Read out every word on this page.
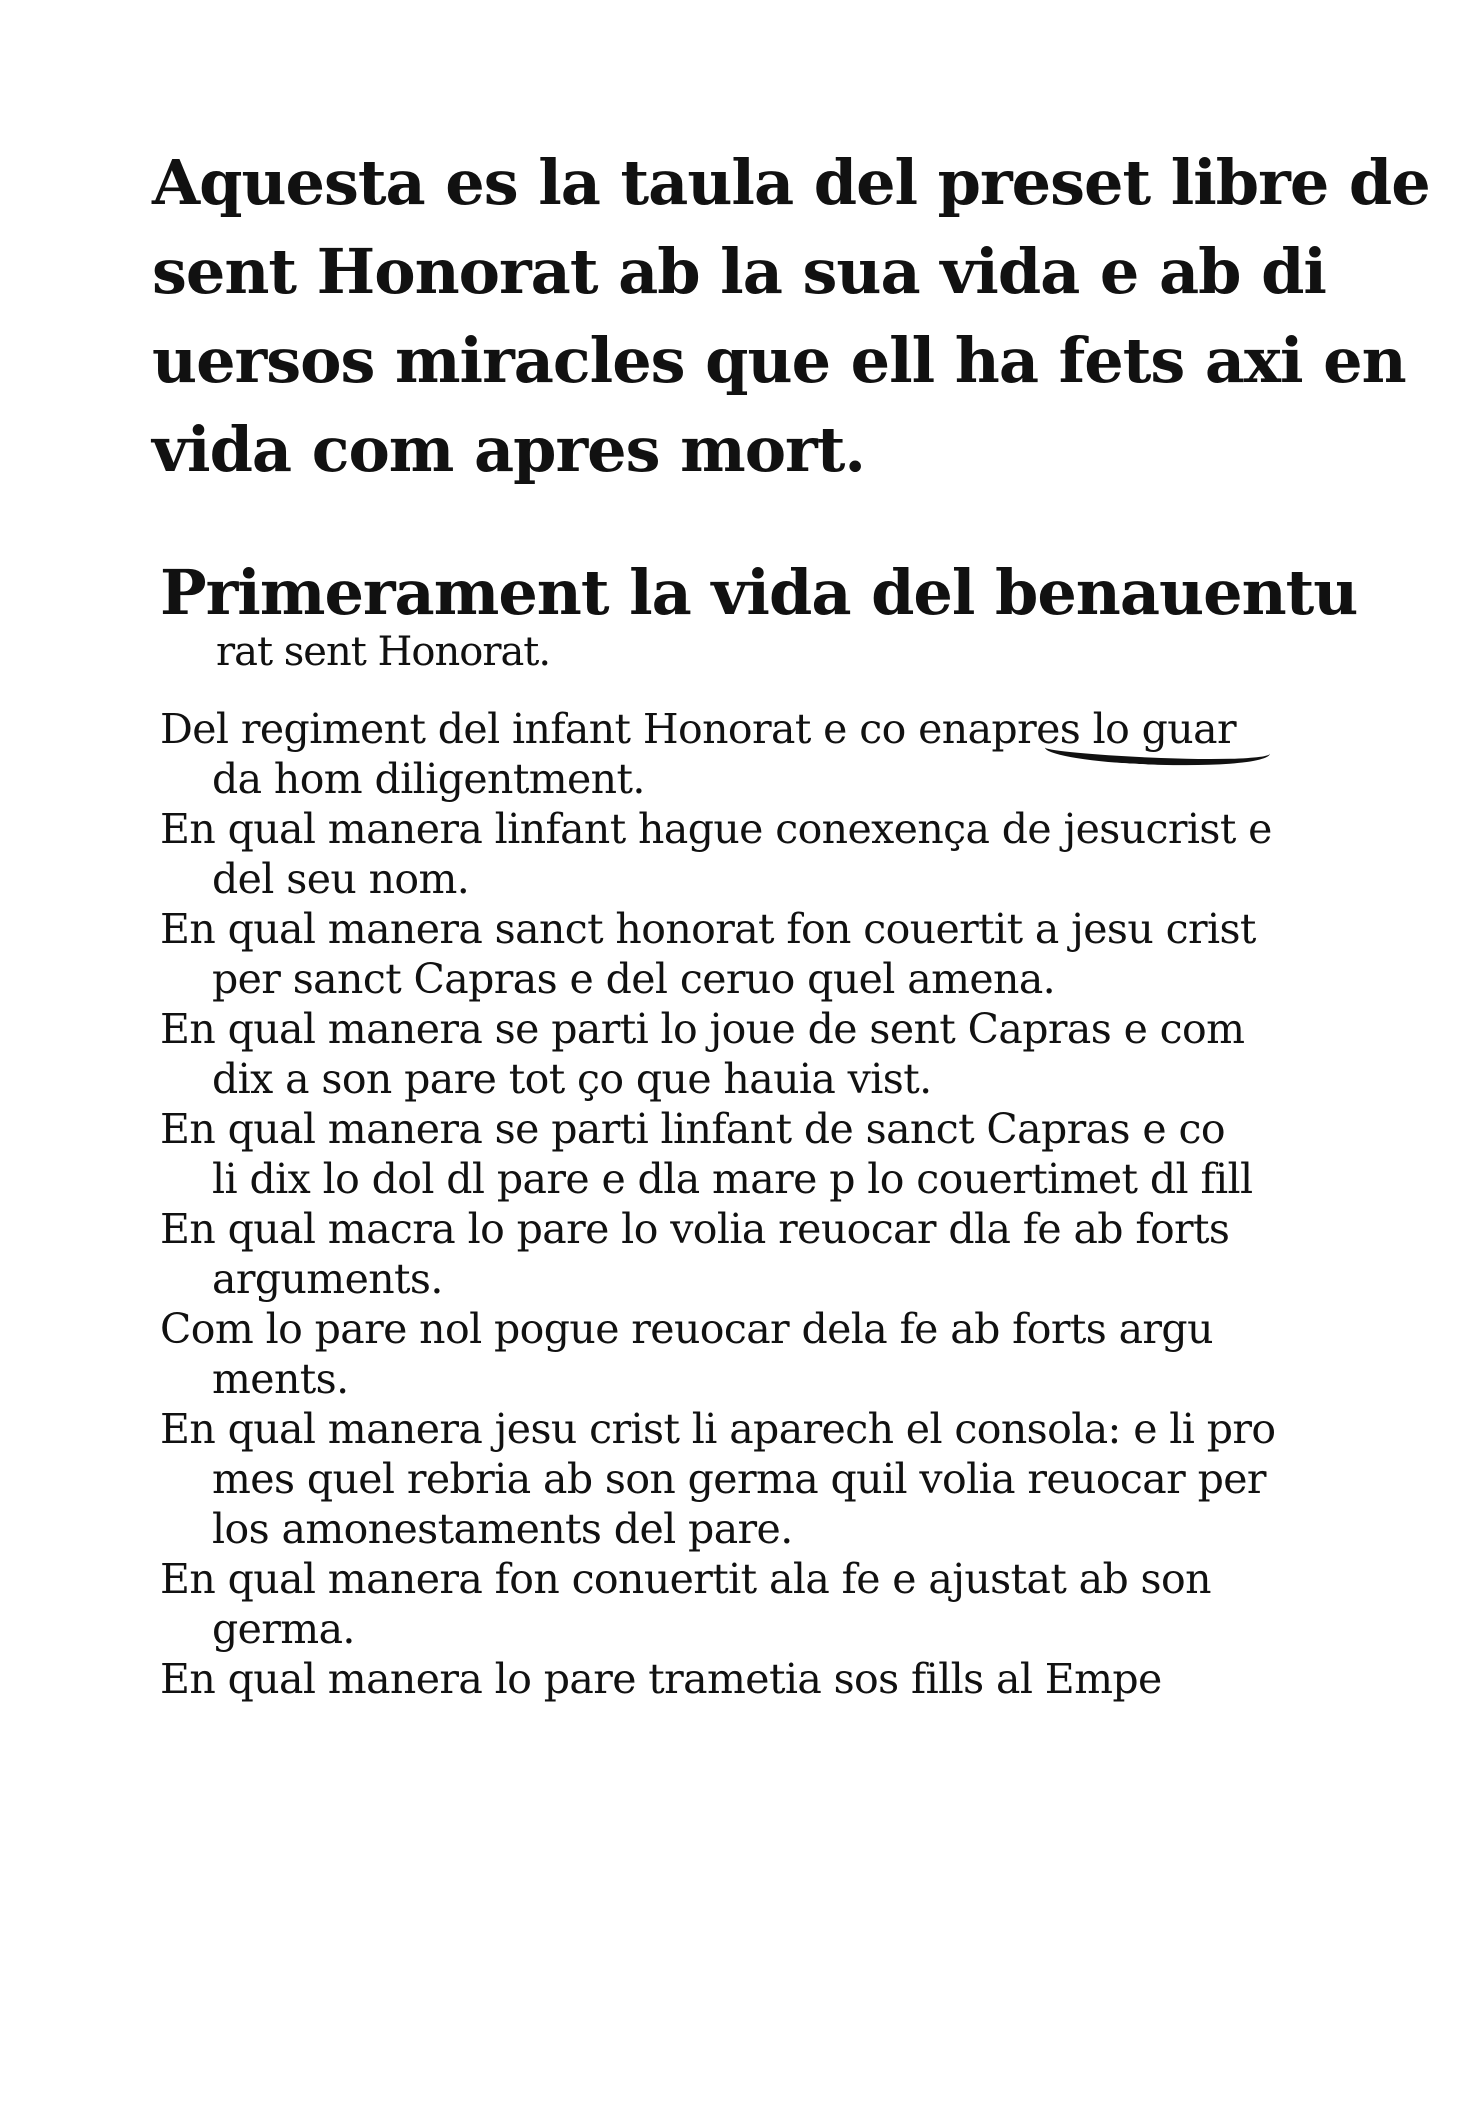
Aquesta es la taula del preset libre de
sent Honorat ab la sua vida e ab di
uersos miracles que ell ha fets axi en
vida com apres mort.
Primerament la vida del benauentu
rat sent Honorat.
Del regiment del infant Honorat e co enapres lo guar
da hom diligentment.
En qual manera linfant hague conexença de jesucrist e
del seu nom.
En qual manera sanct honorat fon couertit a jesu crist
per sanct Capras e del ceruo quel amena.
En qual manera se parti lo joue de sent Capras e com
dix a son pare tot ço que hauia vist.
En qual manera se parti linfant de sanct Capras e co
li dix lo dol dl pare e dla mare p lo couertimet dl fill
En qual macra lo pare lo volia reuocar dla fe ab forts
arguments.
Com lo pare nol pogue reuocar dela fe ab forts argu
ments.
En qual manera jesu crist li aparech el consola: e li pro
mes quel rebria ab son germa quil volia reuocar per
los amonestaments del pare.
En qual manera fon conuertit ala fe e ajustat ab son
germa.
En qual manera lo pare trametia sos fills al Empe
